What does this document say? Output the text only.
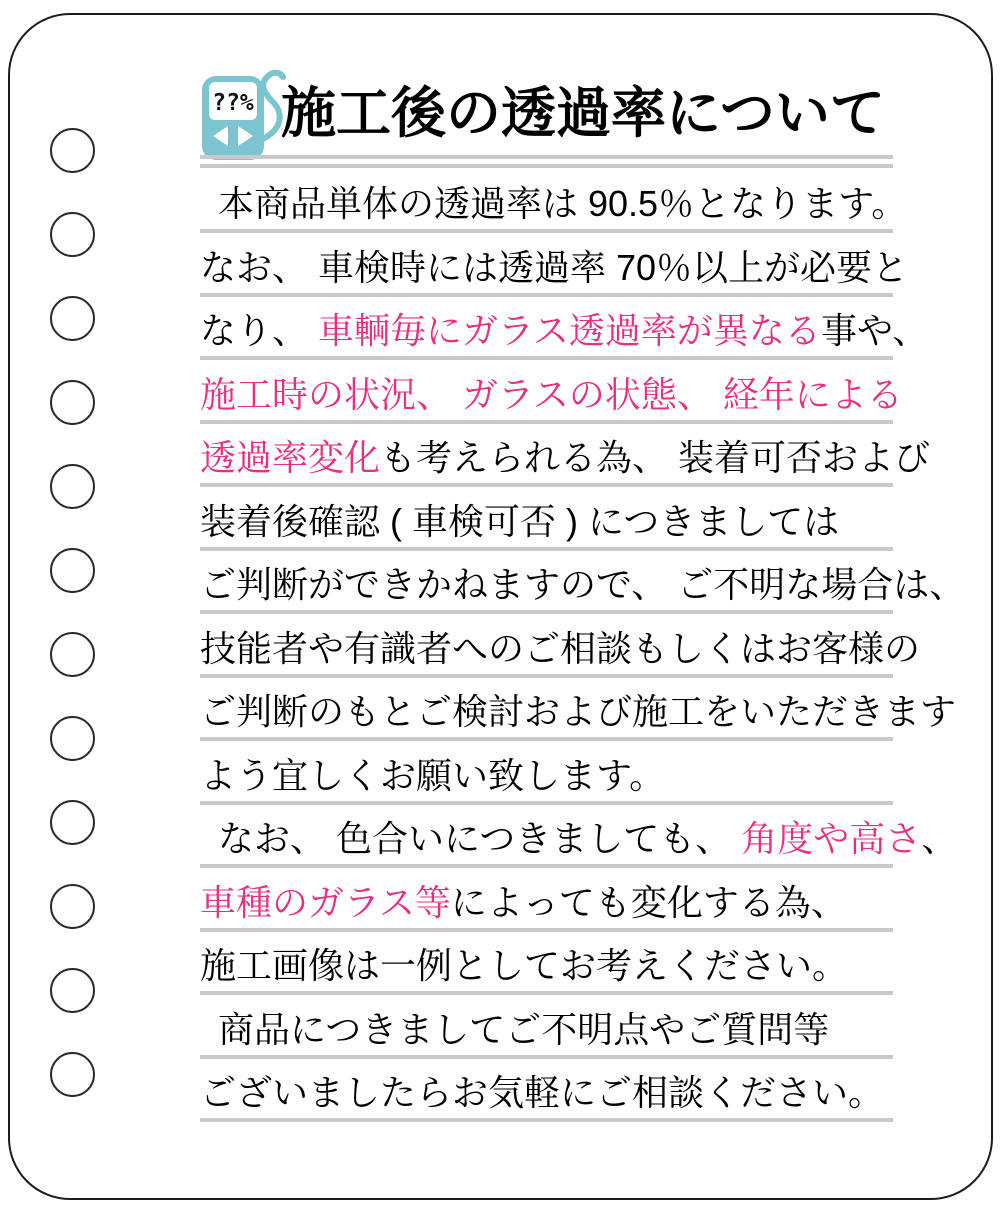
??% 施工後の透過率について
本商品単体の透過率は 90.5％となります。
なお、 車検時には透過率 70％以上が必要と
なり、 車輌毎にガラス透過率が異なる 事や、
施工時の状況、 ガラスの状態、 経年による
透過率変化 も考えられる為、 装着可否および
装着後確認 ( 車検可否 ) につきましては
ご判断ができかねますので、 ご不明な場合は、
技能者や有識者へのご相談もしくはお客様の
ご判断のもとご検討および施工をいただきます
よう宜しくお願い致します。
なお、 色合いにつきましても、 角度や高さ 、
車種のガラス等 によっても変化する為、
施工画像は一例としてお考えください。
商品につきましてご不明点やご質問等
ございましたらお気軽にご相談ください。
